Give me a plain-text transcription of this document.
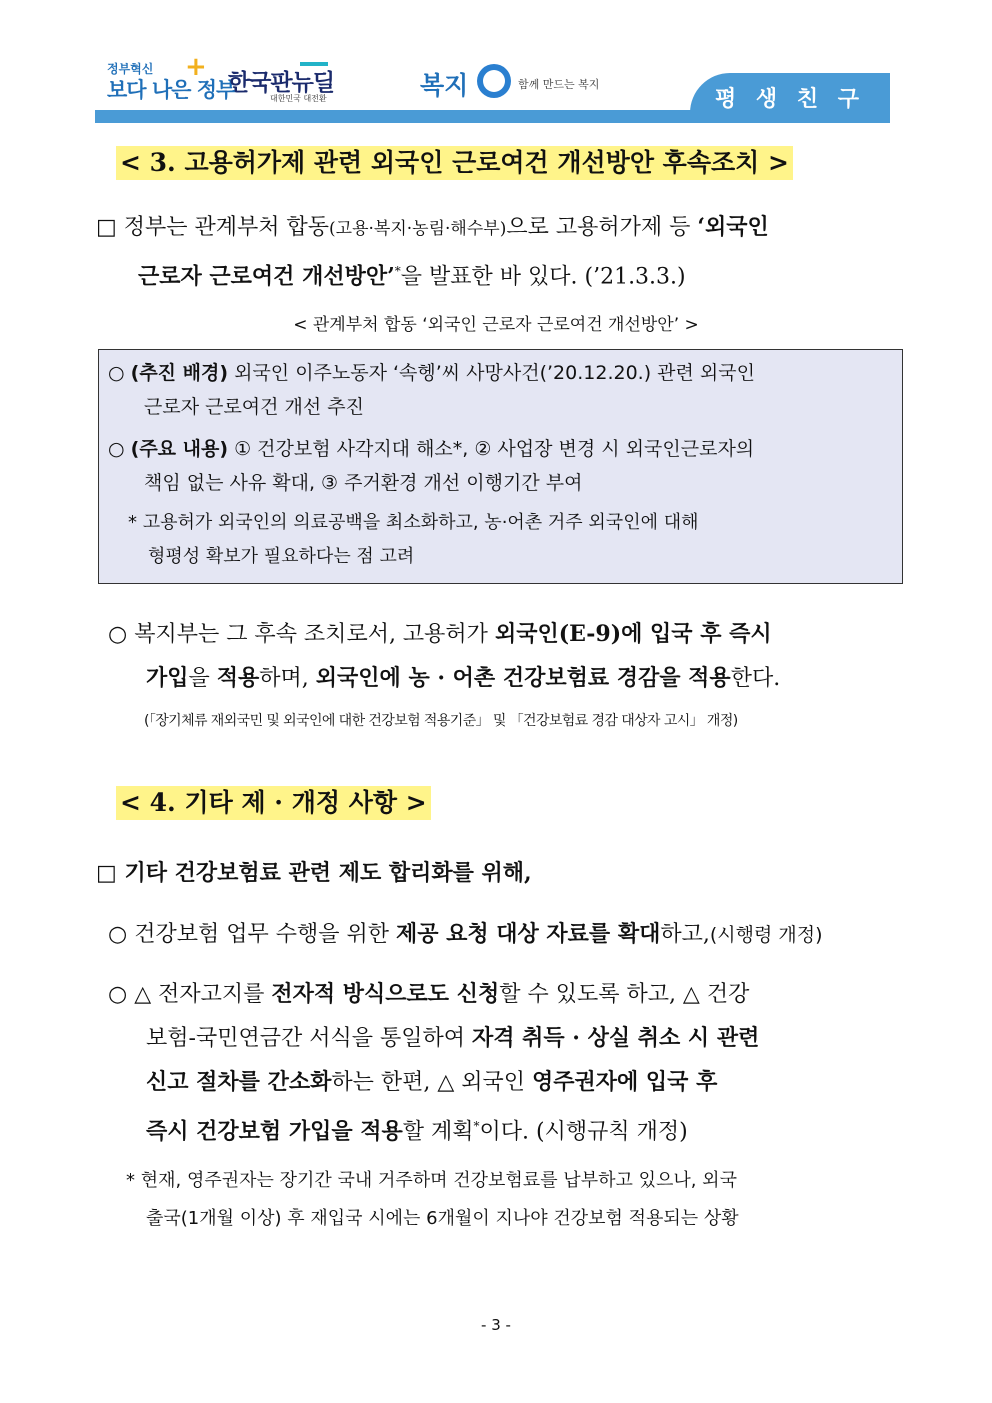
정부혁신
보다 나은 정부
+
한국판뉴딜
대한민국 대전환	복지	함께 만드는 복지
평 생 친 구
< 3. 고용허가제 관련 외국인 근로여건 개선방안 후속조치 >
□ 정부는 관계부처 합동(고용·복지·농림·해수부)으로 고용허가제 등 ‘외국인
근로자 근로여건 개선방안’*을 발표한 바 있다. (’21.3.3.)
< 관계부처 합동 ‘외국인 근로자 근로여건 개선방안’ >
○ (추진 배경) 외국인 이주노동자 ‘속헹’씨 사망사건(’20.12.20.) 관련 외국인
근로자 근로여건 개선 추진
○ (주요 내용) ① 건강보험 사각지대 해소*, ② 사업장 변경 시 외국인근로자의
책임 없는 사유 확대, ③ 주거환경 개선 이행기간 부여
* 고용허가 외국인의 의료공백을 최소화하고, 농·어촌 거주 외국인에 대해
형평성 확보가 필요하다는 점 고려
○ 복지부는 그 후속 조치로서, 고용허가 외국인(E-9)에 입국 후 즉시
가입을 적용하며, 외국인에 농 · 어촌 건강보험료 경감을 적용한다.
(「장기체류 재외국민 및 외국인에 대한 건강보험 적용기준」 및 「건강보험료 경감 대상자 고시」 개정)
< 4. 기타 제 · 개정 사항 >
□ 기타 건강보험료 관련 제도 합리화를 위해,
○ 건강보험 업무 수행을 위한 제공 요청 대상 자료를 확대하고,(시행령 개정)
○ △ 전자고지를 전자적 방식으로도 신청할 수 있도록 하고, △ 건강
보험-국민연금간 서식을 통일하여 자격 취득 · 상실 취소 시 관련
신고 절차를 간소화하는 한편, △ 외국인 영주권자에 입국 후
즉시 건강보험 가입을 적용할 계획*이다. (시행규칙 개정)
* 현재, 영주권자는 장기간 국내 거주하며 건강보험료를 납부하고 있으나, 외국
출국(1개월 이상) 후 재입국 시에는 6개월이 지나야 건강보험 적용되는 상황
- 3 -
